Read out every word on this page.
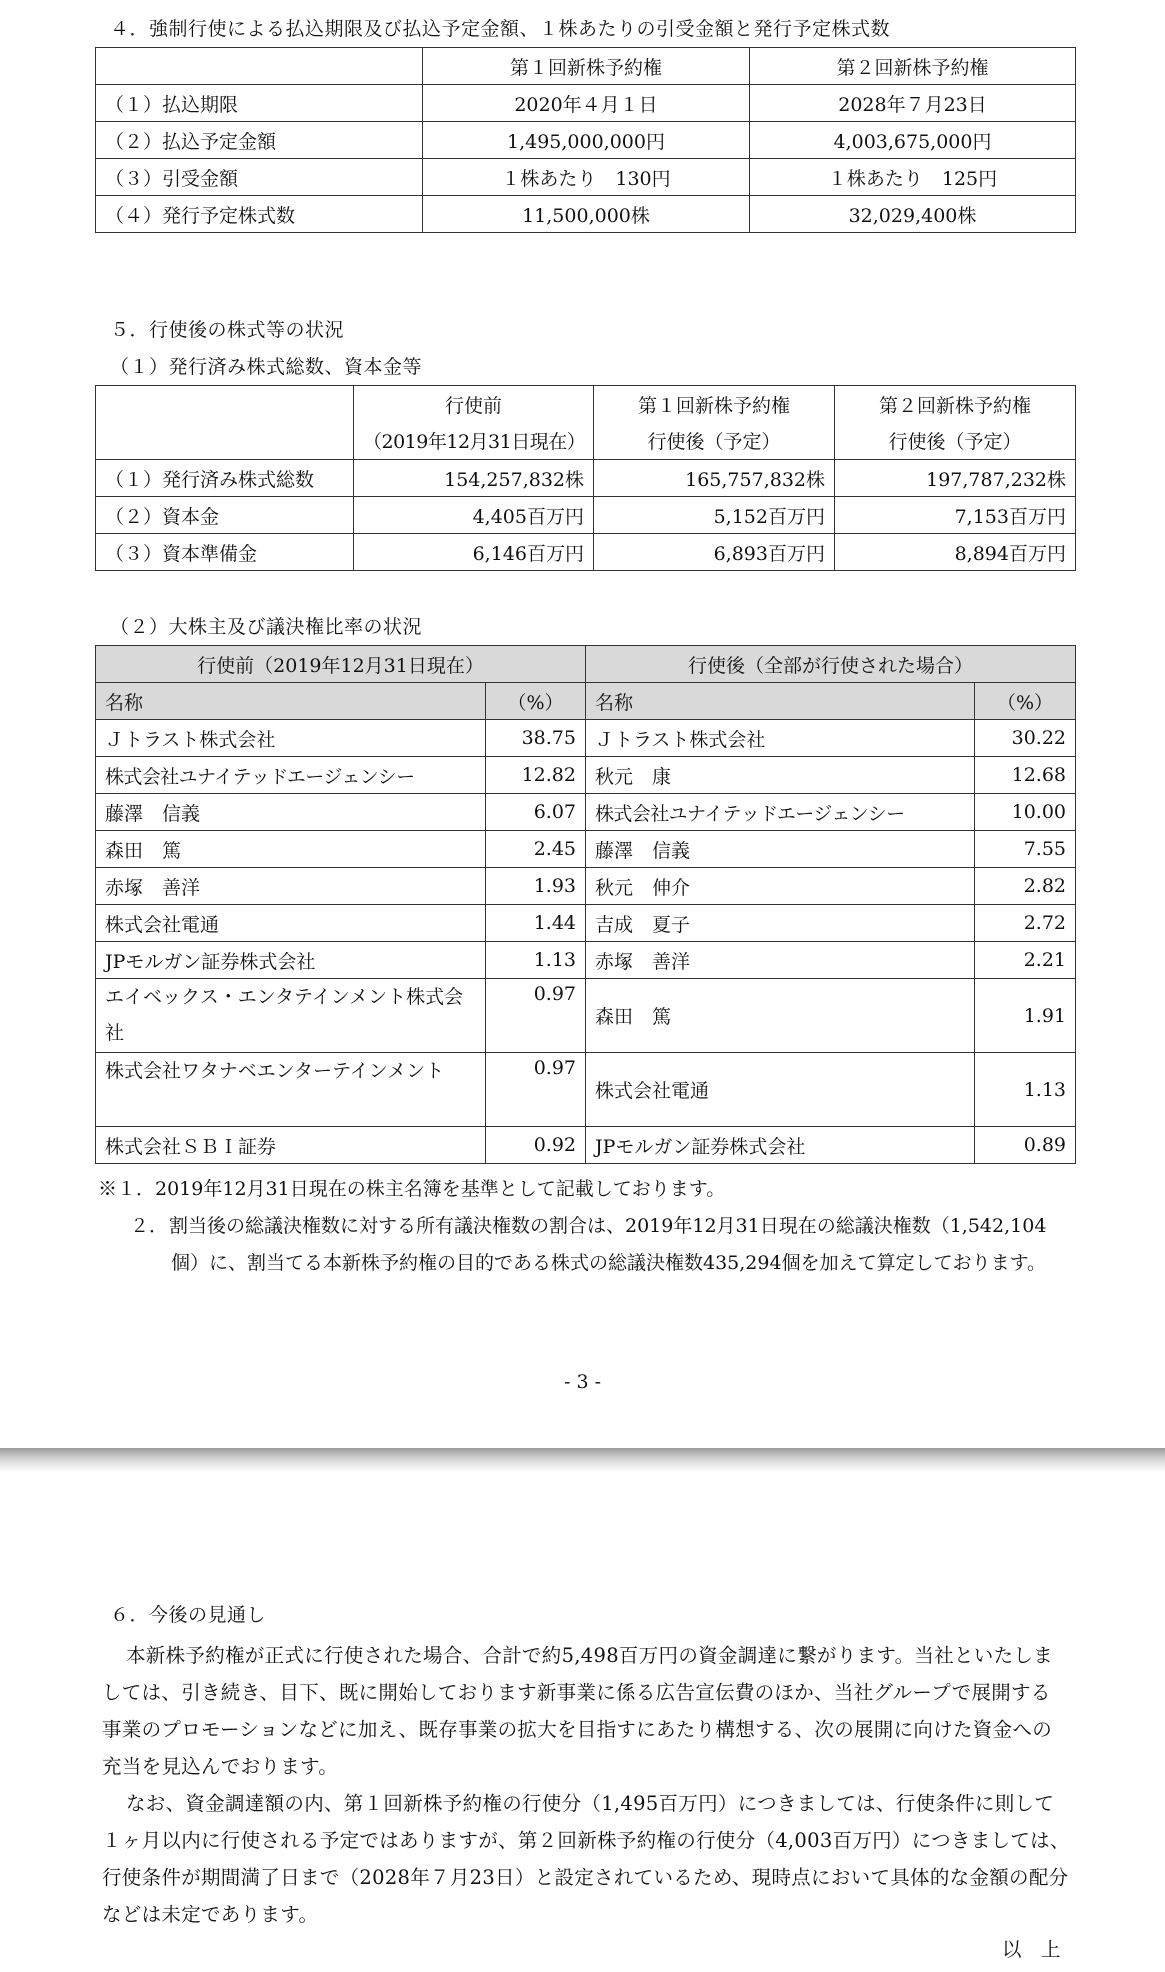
４．強制行使による払込期限及び払込予定金額、１株あたりの引受金額と発行予定株式数
	第１回新株予約権	第２回新株予約権
（１）払込期限	2020年４月１日	2028年７月23日
（２）払込予定金額	1,495,000,000円	4,003,675,000円
（３）引受金額	１株あたり　130円	１株あたり　125円
（４）発行予定株式数	11,500,000株	32,029,400株
５．行使後の株式等の状況
（１）発行済み株式総数、資本金等
	行使前	第１回新株予約権	第２回新株予約権
	（2019年12月31日現在）	行使後（予定）	行使後（予定）
（１）発行済み株式総数	154,257,832株	165,757,832株	197,787,232株
（２）資本金	4,405百万円	5,152百万円	7,153百万円
（３）資本準備金	6,146百万円	6,893百万円	8,894百万円
（２）大株主及び議決権比率の状況
行使前（2019年12月31日現在）		行使後（全部が行使された場合）	
名称	（%）	名称	（%）
Ｊトラスト株式会社	38.75	Ｊトラスト株式会社	30.22
株式会社ユナイテッドエージェンシー	12.82	秋元　康	12.68
藤澤　信義	6.07	株式会社ユナイテッドエージェンシー	10.00
森田　篤	2.45	藤澤　信義	7.55
赤塚　善洋	1.93	秋元　伸介	2.82
株式会社電通	1.44	吉成　夏子	2.72
JPモルガン証券株式会社	1.13	赤塚　善洋	2.21
エイベックス・エンタテインメント株式会社	0.97	森田　篤	1.91
株式会社ワタナベエンターテインメント	0.97	株式会社電通	1.13
株式会社ＳＢＩ証券	0.92	JPモルガン証券株式会社	0.89
※１．2019年12月31日現在の株主名簿を基準として記載しております。
２． 割当後の総議決権数に対する所有議決権数の割合は、2019年12月31日現在の総議決権数（1,542,104個）に、割当てる本新株予約権の目的である株式の総議決権数435,294個を加えて算定しております。
- 3 -
６．今後の見通し
本新株予約権が正式に行使された場合、合計で約5,498百万円の資金調達に繋がります。当社といたしましては、引き続き、目下、既に開始しております新事業に係る広告宣伝費のほか、当社グループで展開する事業のプロモーションなどに加え、既存事業の拡大を目指すにあたり構想する、次の展開に向けた資金への充当を見込んでおります。
なお、資金調達額の内、第１回新株予約権の行使分（1,495百万円）につきましては、行使条件に則して１ヶ月以内に行使される予定ではありますが、第２回新株予約権の行使分（4,003百万円）につきましては、行使条件が期間満了日まで（2028年７月23日）と設定されているため、現時点において具体的な金額の配分などは未定であります。
以　上
